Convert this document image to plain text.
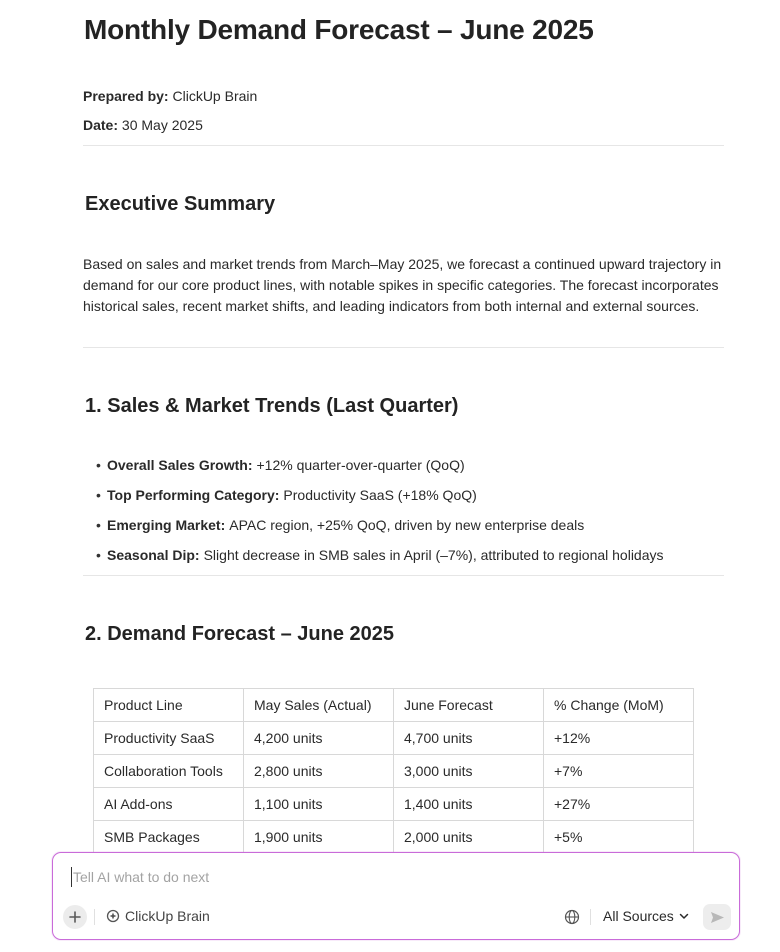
Monthly Demand Forecast – June 2025
Prepared by: ClickUp Brain
Date: 30 May 2025
Executive Summary

Based on sales and market trends from March–May 2025, we forecast a continued upward trajectory in demand for our core product lines, with notable spikes in specific categories. The forecast incorporates historical sales, recent market shifts, and leading indicators from both internal and external sources.

1. Sales & Market Trends (Last Quarter)
• Overall Sales Growth: +12% quarter-over-quarter (QoQ)
• Top Performing Category: Productivity SaaS (+18% QoQ)
• Emerging Market: APAC region, +25% QoQ, driven by new enterprise deals
• Seasonal Dip: Slight decrease in SMB sales in April (–7%), attributed to regional holidays
2. Demand Forecast – June 2025
Product Line	May Sales (Actual)	June Forecast	% Change (MoM)
Productivity SaaS	4,200 units	4,700 units	+12%
Collaboration Tools	2,800 units	3,000 units	+7%
AI Add-ons	1,100 units	1,400 units	+27%
SMB Packages	1,900 units	2,000 units	+5%
Tell AI what to do next
ClickUp Brain	All Sources
